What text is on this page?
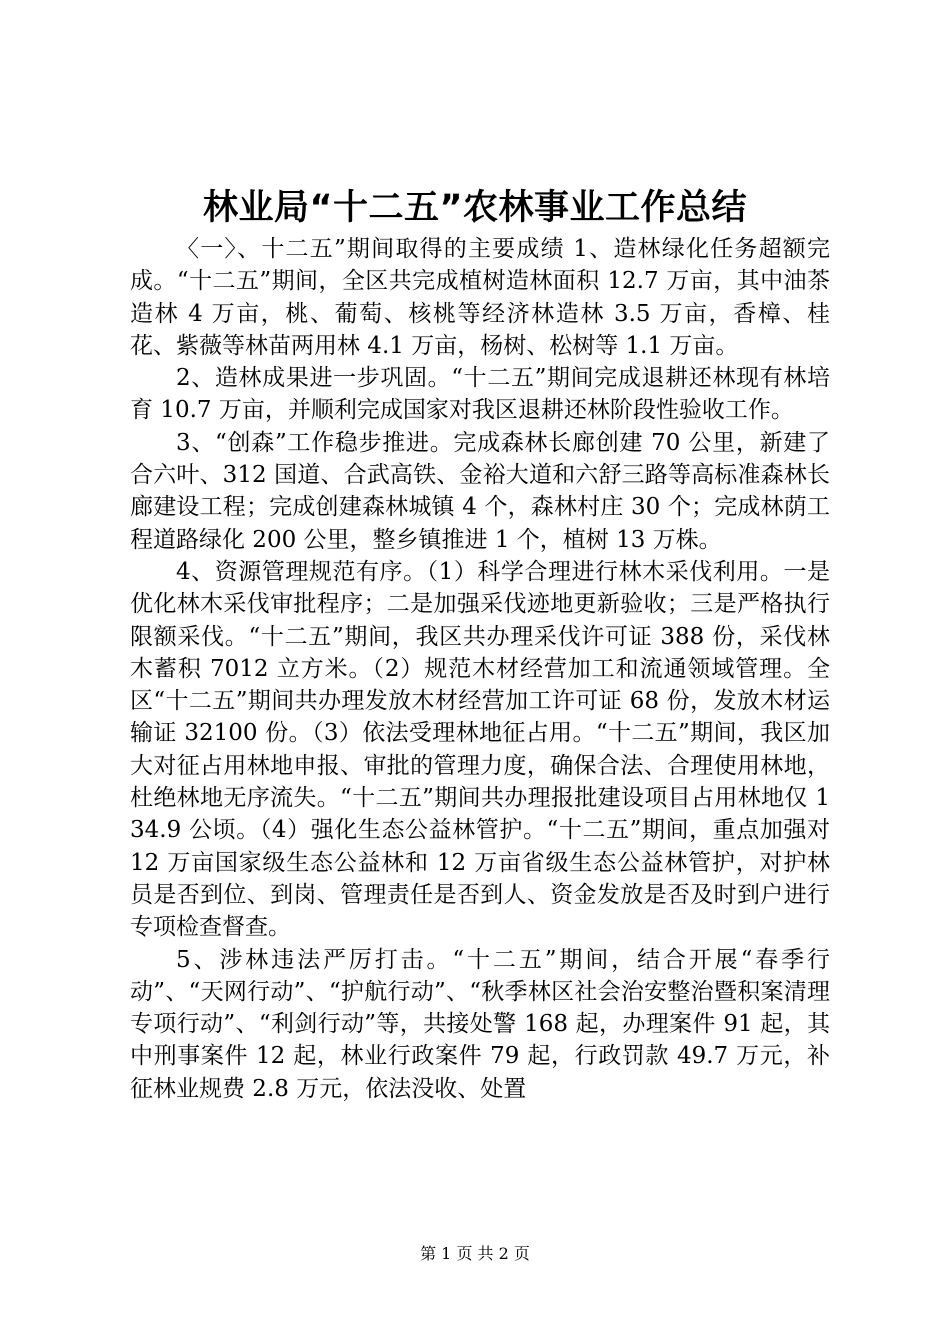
林业局“十二五”农林事业工作总结

〈一〉、十二五”期间取得的主要成绩 1、造林绿化任务超额完成。“十二五”期间，全区共完成植树造林面积 12.7 万亩，其中油茶造林 4 万亩，桃、葡萄、核桃等经济林造林 3.5 万亩，香樟、桂花、紫薇等林苗两用林 4.1 万亩，杨树、松树等 1.1 万亩。

2、造林成果进一步巩固。“十二五”期间完成退耕还林现有林培育 10.7 万亩，并顺利完成国家对我区退耕还林阶段性验收工作。

3、“创森”工作稳步推进。完成森林长廊创建 70 公里，新建了合六叶、312 国道、合武高铁、金裕大道和六舒三路等高标准森林长廊建设工程；完成创建森林城镇 4 个，森林村庄 30 个；完成林荫工程道路绿化 200 公里，整乡镇推进 1 个，植树 13 万株。

4、资源管理规范有序。（1）科学合理进行林木采伐利用。一是优化林木采伐审批程序；二是加强采伐迹地更新验收；三是严格执行限额采伐。“十二五”期间，我区共办理采伐许可证 388 份，采伐林木蓄积 7012 立方米。（2）规范木材经营加工和流通领域管理。全区“十二五”期间共办理发放木材经营加工许可证 68 份，发放木材运输证 32100 份。（3）依法受理林地征占用。“十二五”期间，我区加大对征占用林地申报、审批的管理力度，确保合法、合理使用林地，杜绝林地无序流失。“十二五”期间共办理报批建设项目占用林地仅 134.9 公顷。（4）强化生态公益林管护。“十二五”期间，重点加强对 12 万亩国家级生态公益林和 12 万亩省级生态公益林管护，对护林员是否到位、到岗、管理责任是否到人、资金发放是否及时到户进行专项检查督查。

5、涉林违法严厉打击。“十二五”期间，结合开展“春季行动”、“天网行动”、“护航行动”、“秋季林区社会治安整治暨积案清理专项行动”、“利剑行动”等，共接处警 168 起，办理案件 91 起，其中刑事案件 12 起，林业行政案件 79 起，行政罚款 49.7 万元，补征林业规费 2.8 万元，依法没收、处置

第 1 页 共 2 页
